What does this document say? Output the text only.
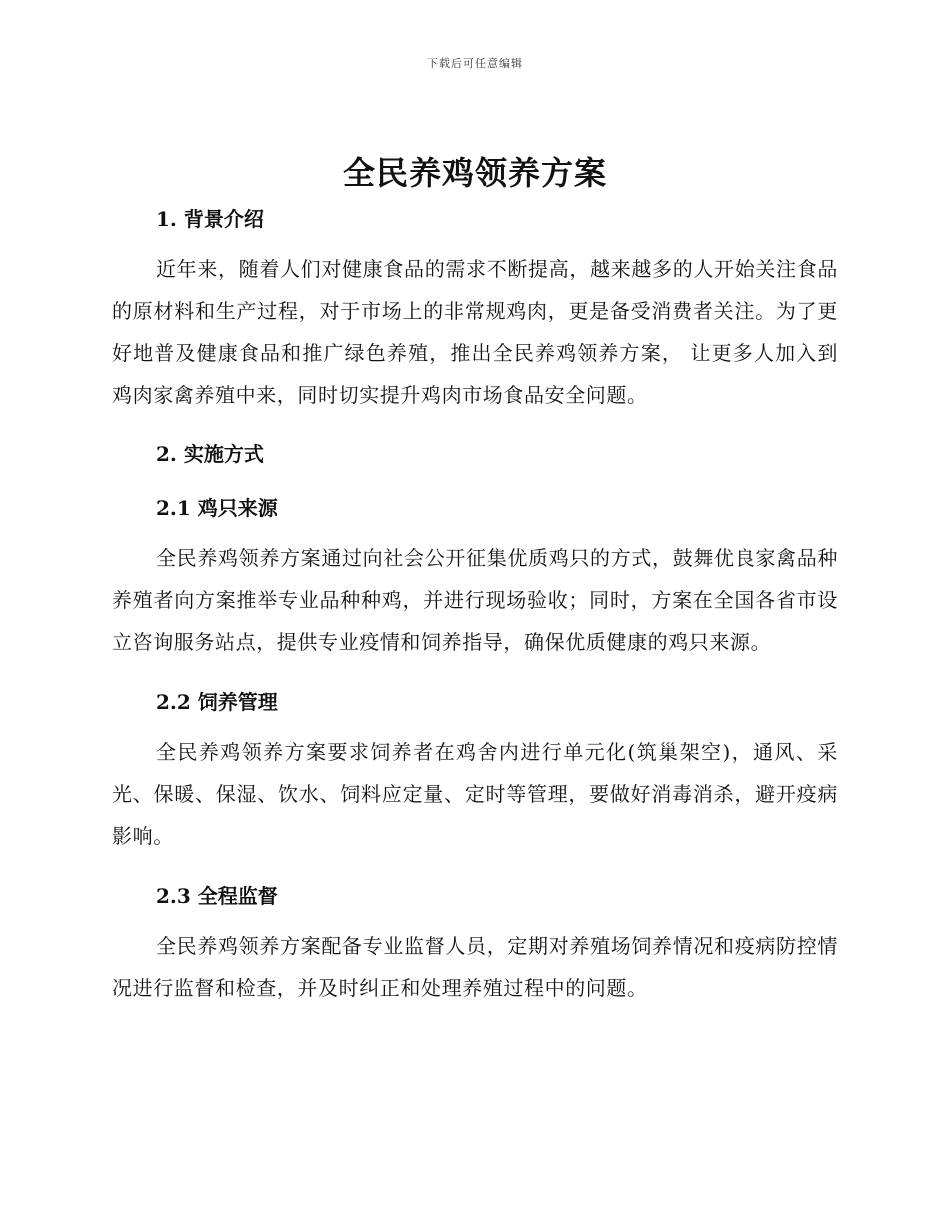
下载后可任意编辑
全民养鸡领养方案
1. 背景介绍

近年来，随着人们对健康食品的需求不断提高，越来越多的人开始关注食品的原材料和生产过程，对于市场上的非常规鸡肉，更是备受消费者关注。为了更好地普及健康食品和推广绿色养殖，推出全民养鸡领养方案， 让更多人加入到鸡肉家禽养殖中来，同时切实提升鸡肉市场食品安全问题。

2. 实施方式
2.1 鸡只来源

全民养鸡领养方案通过向社会公开征集优质鸡只的方式，鼓舞优良家禽品种养殖者向方案推举专业品种种鸡，并进行现场验收；同时，方案在全国各省市设立咨询服务站点，提供专业疫情和饲养指导，确保优质健康的鸡只来源。

2.2 饲养管理

全民养鸡领养方案要求饲养者在鸡舍内进行单元化(筑巢架空)，通风、采光、保暖、保湿、饮水、饲料应定量、定时等管理，要做好消毒消杀，避开疫病影响。

2.3 全程监督

全民养鸡领养方案配备专业监督人员，定期对养殖场饲养情况和疫病防控情况进行监督和检查，并及时纠正和处理养殖过程中的问题。
